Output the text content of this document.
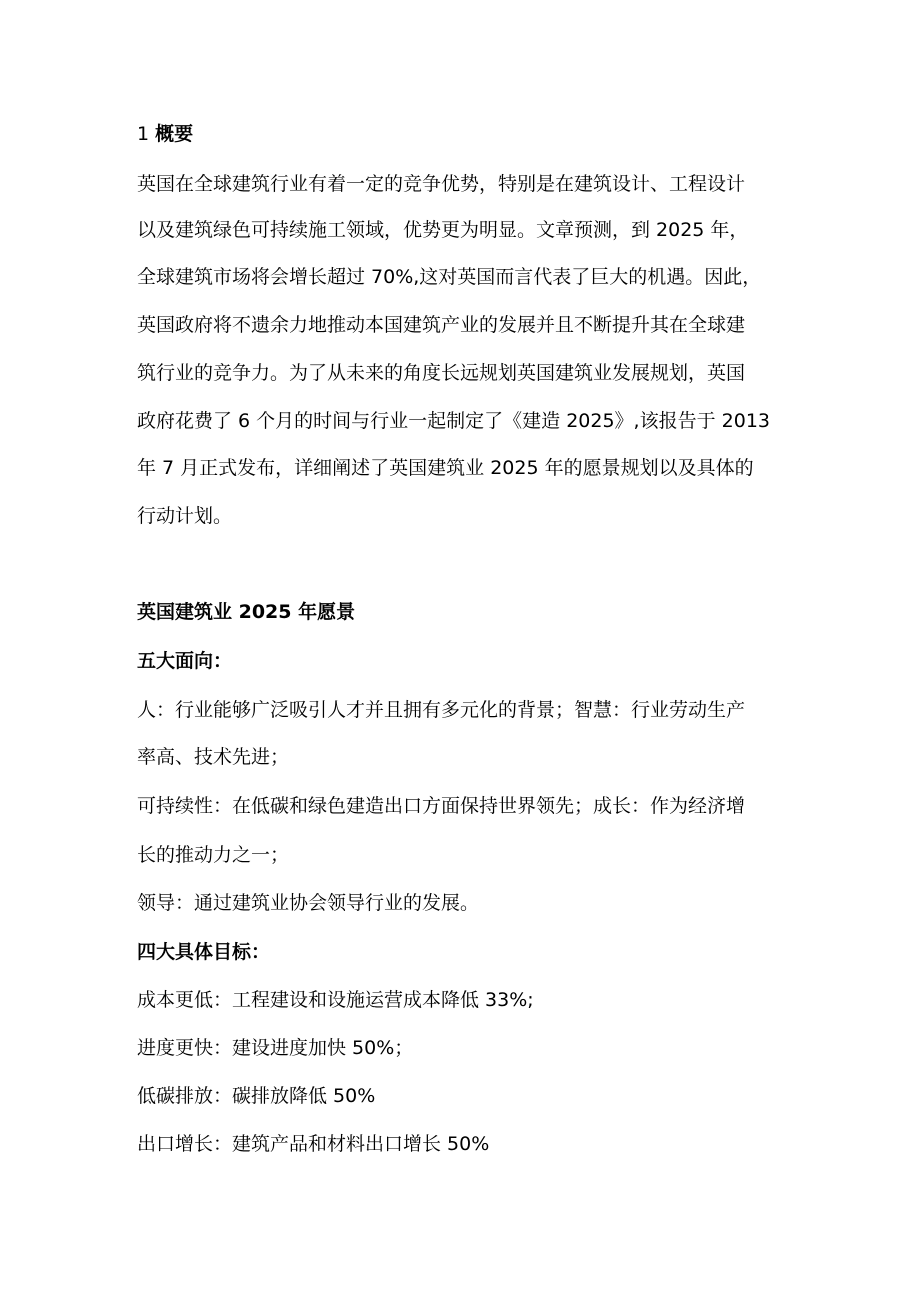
1 概要
英国在全球建筑行业有着一定的竞争优势，特别是在建筑设计、工程设计
以及建筑绿色可持续施工领域，优势更为明显。文章预测，到 2025 年，
全球建筑市场将会增长超过 70%,这对英国而言代表了巨大的机遇。因此，
英国政府将不遗余力地推动本国建筑产业的发展并且不断提升其在全球建
筑行业的竞争力。为了从未来的角度长远规划英国建筑业发展规划，英国
政府花费了 6 个月的时间与行业一起制定了《建造 2025》,该报告于 2013
年 7 月正式发布，详细阐述了英国建筑业 2025 年的愿景规划以及具体的
行动计划。
英国建筑业 2025 年愿景
五大面向：
人：行业能够广泛吸引人才并且拥有多元化的背景；智慧：行业劳动生产
率高、技术先进；
可持续性：在低碳和绿色建造出口方面保持世界领先；成长：作为经济增
长的推动力之一；
领导：通过建筑业协会领导行业的发展。
四大具体目标：
成本更低：工程建设和设施运营成本降低 33%;
进度更快：建设进度加快 50%；
低碳排放：碳排放降低 50%
出口增长：建筑产品和材料出口增长 50%
